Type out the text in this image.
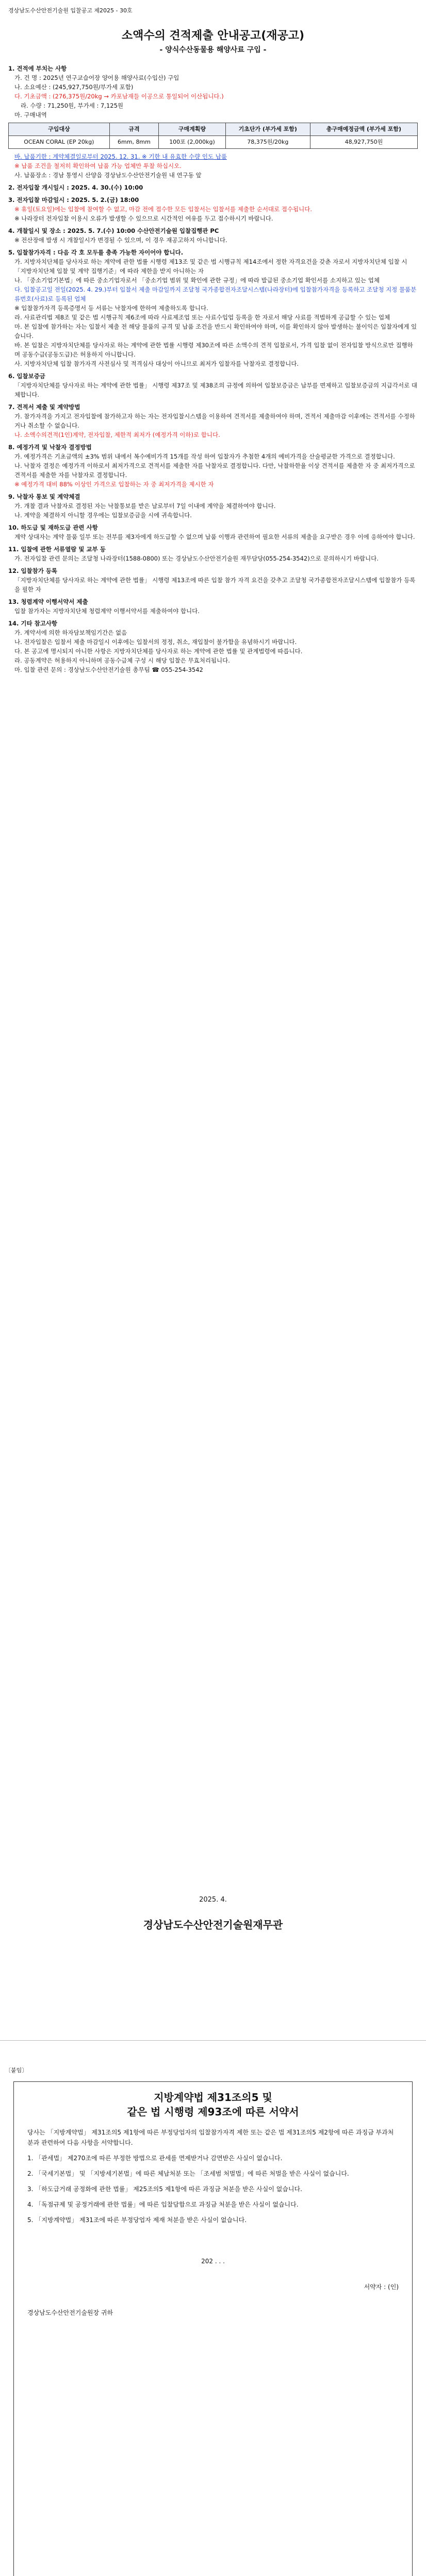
경상남도수산안전기술원 입찰공고 제2025 - 30호
소액수의 견적제출 안내공고(재공고)
- 양식수산동물용 해양사료 구입 -
1. 견적에 부치는 사항
가. 건 명 : 2025년 연구교습어장 양어용 해양사료(수입산) 구입
나. 소요예산 : (245,927,750원/부가세 포함)
다. 기초금액 : (276,375원/20kg → 카포남재들 이공으로 통일되어 이산됩니다.)
라. 수량 : 71,250원, 부가세 : 7,125원
마. 구매내역
구입대상	규격	구매계획량	기초단가 (부가세 포함)	총구매예정금액 (부가세 포함)
OCEAN CORAL (EP 20kg)	6mm, 8mm	100포 (2,000kg)	78,375원/20kg	48,927,750원
바. 납품기한 : 계약체결일로부터 2025. 12. 31. ※ 기한 내 유효한 수량 인도 납품
※ 납품 조건을 철저히 확인하여 납품 가능 업체만 투찰 하십시오.
사. 납품장소 : 경남 통영시 산양읍 경상남도수산안전기술원 내 연구동 앞
2. 전자입찰 개시일시 : 2025. 4. 30.(수) 10:00
3. 전자입찰 마감일시 : 2025. 5. 2.(금) 18:00
※ 휴일(토요일)에는 입찰에 참여할 수 없고, 마감 전에 접수한 모든 입찰서는 입찰서를 제출한 순서대로 접수됩니다.
※ 나라장터 전자입찰 이용시 오류가 발생할 수 있으므로 시간적인 여유를 두고 접수하시기 바랍니다.
4. 개찰일시 및 장소 : 2025. 5. 7.(수) 10:00 수산안전기술원 입찰집행관 PC
※ 전산장애 발생 시 개찰일시가 변경될 수 있으며, 이 경우 재공고하지 아니합니다.
5. 입찰참가자격 : 다음 각 호 모두를 충족 가능한 자이어야 합니다.
가. 지방자치단체를 당사자로 하는 계약에 관한 법률 시행령 제13조 및 같은 법 시행규칙 제14조에서 정한 자격요건을 갖춘 자로서 지방자치단체 입찰 시 「지방자치단체 입찰 및 계약 집행기준」에 따라 제한을 받지 아니하는 자
나. 「중소기업기본법」에 따른 중소기업자로서 「중소기업 범위 및 확인에 관한 규정」에 따라 발급된 중소기업 확인서를 소지하고 있는 업체
다. 입찰공고일 전일(2025. 4. 29.)부터 입찰서 제출 마감일까지 조달청 국가종합전자조달시스템(나라장터)에 입찰참가자격을 등록하고 조달청 지정 물품분류번호(사료)로 등록된 업체
※ 입찰참가자격 등록증명서 등 서류는 낙찰자에 한하여 제출하도록 합니다.
라. 사료관리법 제8조 및 같은 법 시행규칙 제6조에 따라 사료제조업 또는 사료수입업 등록을 한 자로서 해당 사료를 적법하게 공급할 수 있는 업체
마. 본 입찰에 참가하는 자는 입찰서 제출 전 해당 물품의 규격 및 납품 조건을 반드시 확인하여야 하며, 이를 확인하지 않아 발생하는 불이익은 입찰자에게 있습니다.
바. 본 입찰은 지방자치단체를 당사자로 하는 계약에 관한 법률 시행령 제30조에 따른 소액수의 견적 입찰로서, 가격 입찰 없이 전자입찰 방식으로만 집행하며 공동수급(공동도급)은 허용하지 아니합니다.
사. 지방자치단체 입찰 참가자격 사전심사 및 적격심사 대상이 아니므로 최저가 입찰자를 낙찰자로 결정합니다.
6. 입찰보증금
「지방자치단체를 당사자로 하는 계약에 관한 법률」 시행령 제37조 및 제38조의 규정에 의하여 입찰보증금은 납부를 면제하고 입찰보증금의 지급각서로 대체합니다.
7. 견적서 제출 및 계약방법
가. 참가자격을 가지고 전자입찰에 참가하고자 하는 자는 전자입찰시스템을 이용하여 견적서를 제출하여야 하며, 견적서 제출마감 이후에는 견적서를 수정하거나 취소할 수 없습니다.
나. 소액수의견적(1인)계약, 전자입찰, 제한적 최저가 (예정가격 이하)로 합니다.
8. 예정가격 및 낙찰자 결정방법
가. 예정가격은 기초금액의 ±3% 범위 내에서 복수예비가격 15개를 작성 하여 입찰자가 추첨한 4개의 예비가격을 산술평균한 가격으로 결정합니다.
나. 낙찰자 결정은 예정가격 이하로서 최저가격으로 견적서를 제출한 자를 낙찰자로 결정합니다. 다만, 낙찰하한율 이상 견적서를 제출한 자 중 최저가격으로 견적서를 제출한 자를 낙찰자로 결정합니다.
※ 예정가격 대비 88% 이상인 가격으로 입찰하는 자 중 최저가격을 제시한 자
9. 낙찰자 통보 및 계약체결
가. 개찰 결과 낙찰자로 결정된 자는 낙찰통보를 받은 날로부터 7일 이내에 계약을 체결하여야 합니다.
나. 계약을 체결하지 아니할 경우에는 입찰보증금을 시에 귀속합니다.
10. 하도급 및 재하도급 관련 사항
계약 상대자는 계약 물품 일부 또는 전부를 제3자에게 하도급할 수 없으며 납품 이행과 관련하여 필요한 서류의 제출을 요구받은 경우 이에 응하여야 합니다.
11. 입찰에 관한 서류열람 및 교부 등
가. 전자입찰 관련 문의는 조달청 나라장터(1588-0800) 또는 경상남도수산안전기술원 재무담당(055-254-3542)으로 문의하시기 바랍니다.
12. 입찰참가 등록
「지방자치단체를 당사자로 하는 계약에 관한 법률」 시행령 제13조에 따른 입찰 참가 자격 요건을 갖추고 조달청 국가종합전자조달시스템에 입찰참가 등록을 필한 자
13. 청렴계약 이행서약서 제출
입찰 참가자는 지방자치단체 청렴계약 이행서약서를 제출하여야 합니다.
14. 기타 참고사항
가. 계약서에 의한 하자담보책임기간은 없음
나. 전자입찰은 입찰서 제출 마감일시 이후에는 입찰서의 정정, 취소, 재입찰이 불가함을 유념하시기 바랍니다.
다. 본 공고에 명시되지 아니한 사항은 지방자치단체를 당사자로 하는 계약에 관한 법률 및 관계법령에 따릅니다.
라. 공동계약은 허용하지 아니하며 공동수급체 구성 시 해당 입찰은 무효처리됩니다.
마. 입찰 관련 문의 : 경상남도수산안전기술원 총무팀 ☎ 055-254-3542
2025. 4.
경상남도수산안전기술원재무관
〔붙임〕
지방계약법 제31조의5 및
같은 법 시행령 제93조에 따른 서약서
당사는 「지방계약법」 제31조의5 제1항에 따른 부정당업자의 입찰참가자격 제한 또는 같은 법 제31조의5 제2항에 따른 과징금 부과처분과 관련하여 다음 사항을 서약합니다.
1. 「관세법」 제270조에 따른 부정한 방법으로 관세를 면제받거나 감면받은 사실이 없습니다.
2. 「국세기본법」 및 「지방세기본법」에 따른 체납처분 또는 「조세범 처벌법」에 따른 처벌을 받은 사실이 없습니다.
3. 「하도급거래 공정화에 관한 법률」 제25조의5 제1항에 따른 과징금 처분을 받은 사실이 없습니다.
4. 「독점규제 및 공정거래에 관한 법률」에 따른 입찰담합으로 과징금 처분을 받은 사실이 없습니다.
5. 「지방계약법」 제31조에 따른 부정당업자 제재 처분을 받은 사실이 없습니다.
202 . . .
서약자 : (인)
경상남도수산안전기술원장 귀하
